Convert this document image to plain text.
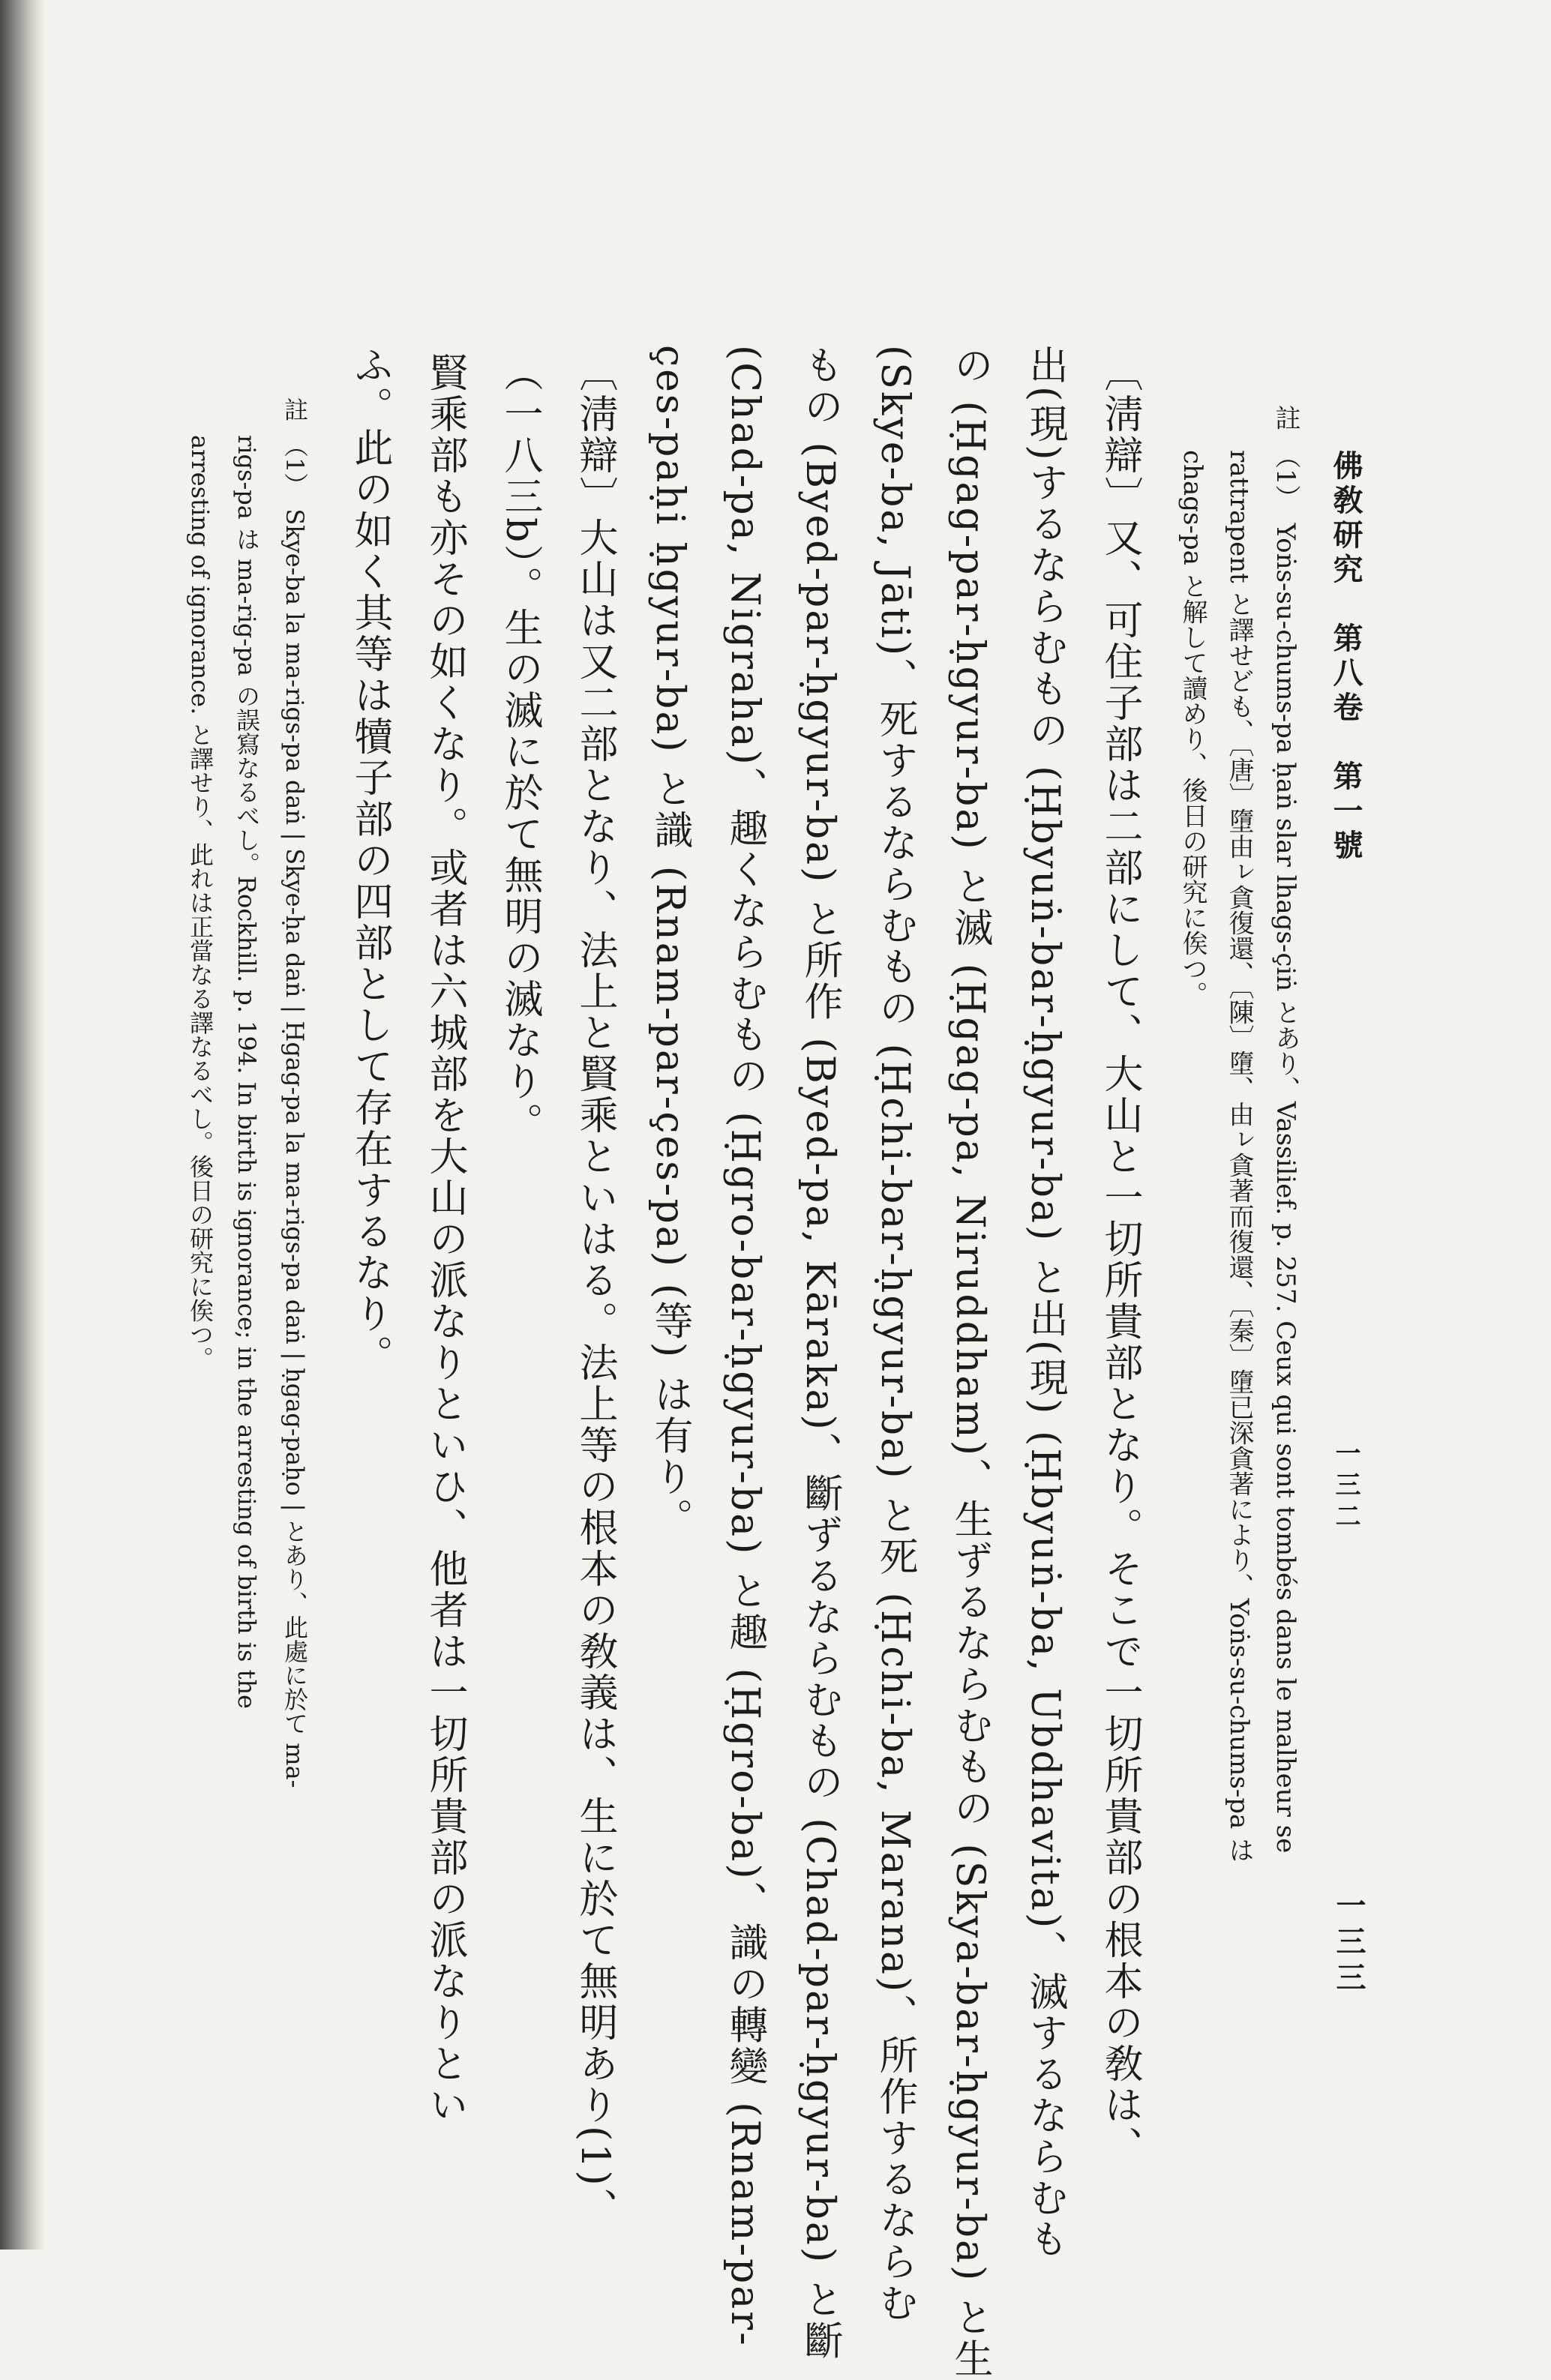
一三二
一三三
佛敎研究　第八卷　第一號
註　（1）　Yoṅs-su-chums-pa ḥaṅ slar lhags-çiṅ とあり、Vassilief. p. 257. Ceux qui sont tombés dans le malheur se
rattrapent と譯せども、〔唐〕墮由ㇾ貪復還、〔陳〕墮、由ㇾ貪著而復還、〔秦〕墮已深貪著により、Yoṅs-su-chums-pa は
chags-pa と解して讀めり、後日の研究に俟つ。
〔淸辯〕又、可住子部は二部にして、大山と一切所貴部となり。そこで一切所貴部の根本の敎は、
出(現)するならむもの (Ḥbyuṅ-bar-ḥgyur-ba) と出(現) (Ḥbyuṅ-ba, Ubdhavita)、滅するならむも
の (Ḥgag-par-ḥgyur-ba) と滅 (Ḥgag-pa, Niruddham)、生ずるならむもの (Skya-bar-ḥgyur-ba) と生
(Skye-ba, Jāti)、死するならむもの (Ḥchi-bar-ḥgyur-ba) と死 (Ḥchi-ba, Marana)、所作するならむ
もの (Byed-par-ḥgyur-ba) と所作 (Byed-pa, Kāraka)、斷ずるならむもの (Chad-par-ḥgyur-ba) と斷
(Chad-pa, Nigraha)、趣くならむもの (Ḥgro-bar-ḥgyur-ba) と趣 (Ḥgro-ba)、識の轉變 (Rnam-par-
çes-paḥi ḥgyur-ba) と識 (Rnam-par-çes-pa) (等) は有り。
〔淸辯〕大山は又二部となり、法上と賢乘といはる。法上等の根本の敎義は、生に於て無明あり(1)、
（一八三b）。生の滅に於て無明の滅なり。
賢乘部も亦その如くなり。或者は六城部を大山の派なりといひ、他者は一切所貴部の派なりとい
ふ。此の如く其等は犢子部の四部として存在するなり。
註　（1）　Skye-ba la ma-rigs-pa daṅ | Skye-ḥa daṅ | Ḥgag-pa la ma-rigs-pa daṅ | ḥgag-paḥo | とあり、此處に於て ma-
rigs-pa は ma-rig-pa の誤寫なるべし。Rockhill. p. 194. In birth is ignorance; in the arresting of birth is the
arresting of ignorance. と譯せり、此れは正當なる譯なるべし。後日の研究に俟つ。
